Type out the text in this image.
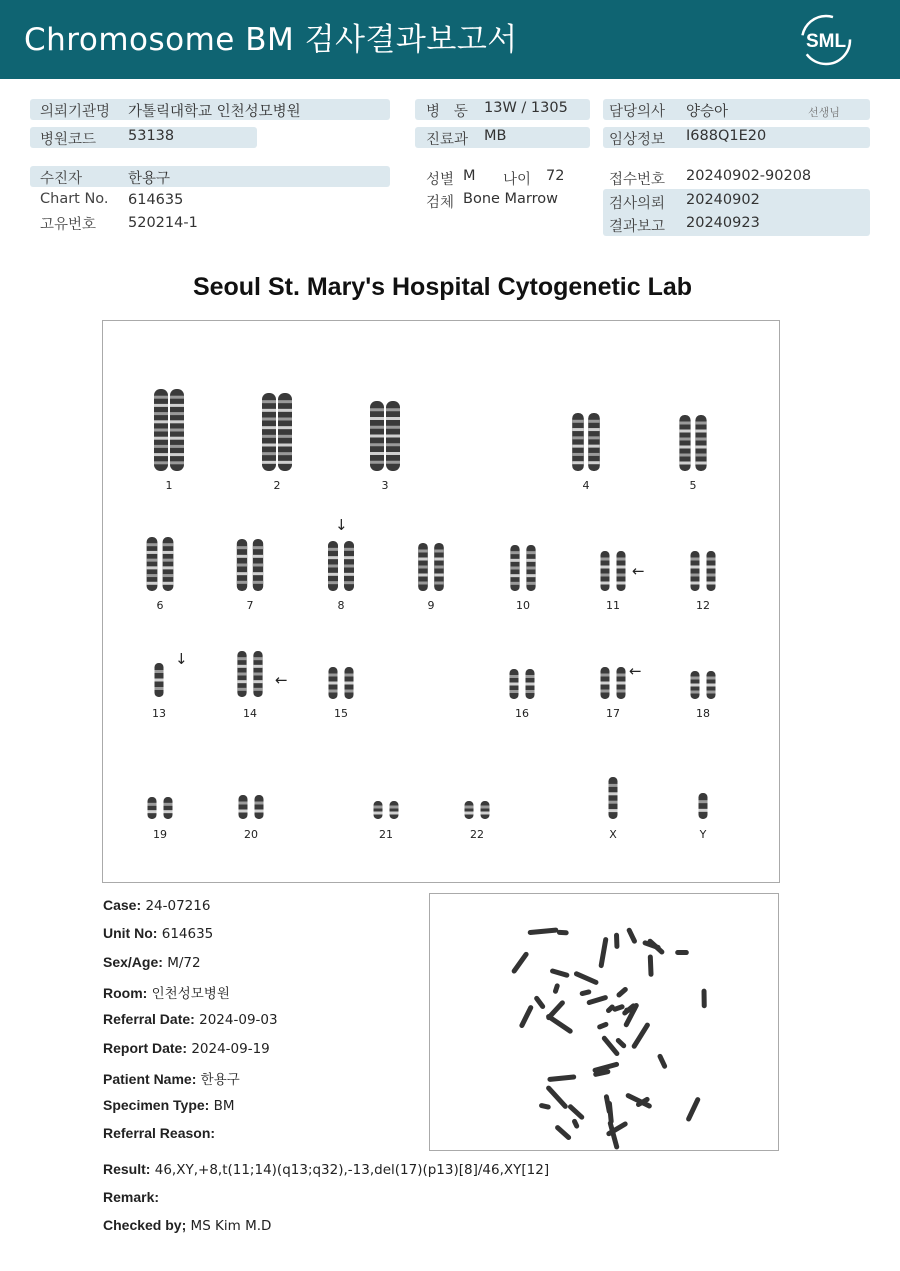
Chromosome BM 검사결과보고서	SML
의뢰기관명 가톨릭대학교 인천성모병원
병원코드 53138
병   동 13W / 1305
진료과 MB
담당의사 양승아	선생님
임상정보 I688Q1E20
수진자	한용구
Chart No. 614635
고유번호 520214-1
성별 M 나이 72
검체 Bone Marrow
접수번호 20240902-90208
검사의뢰 20240902
결과보고 20240923
Seoul St. Mary's Hospital Cytogenetic Lab
1	2	3	4	5
6	7	8	9	10	11	12
13	14	15	16	17	18
19	20	21	22	X	Y
↓
←
↓
←	←
Case: 24-07216
Unit No: 614635
Sex/Age: M/72
Room: 인천성모병원
Referral Date: 2024-09-03
Report Date: 2024-09-19
Patient Name: 한용구
Specimen Type: BM
Referral Reason:
Result: 46,XY,+8,t(11;14)(q13;q32),-13,del(17)(p13)[8]/46,XY[12]
Remark:
Checked by; MS Kim M.D
